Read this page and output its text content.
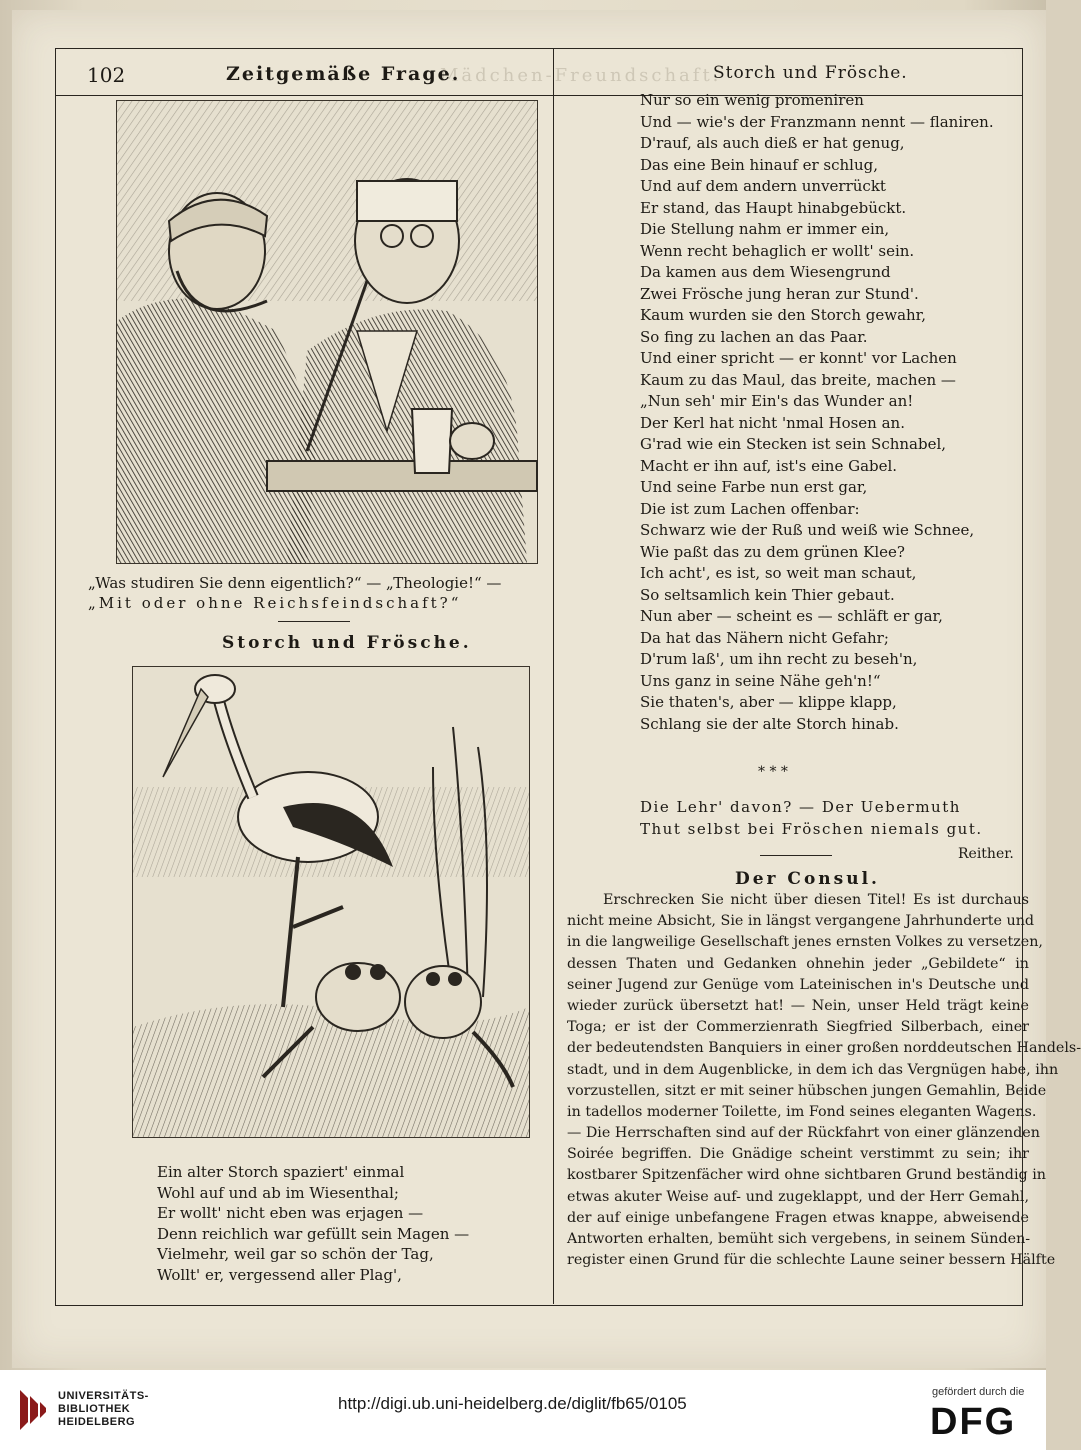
Mädchen-Freundschaft.
102	Zeitgemäße Frage.	Storch und Frösche.
„Was studiren Sie denn eigentlich?“ — „Theologie!“ —
„Mit oder ohne Reichsfeindschaft?“
Storch und Frösche.
Ein alter Storch spaziert' einmal
Wohl auf und ab im Wiesenthal;
Er wollt' nicht eben was erjagen —
Denn reichlich war gefüllt sein Magen —
Vielmehr, weil gar so schön der Tag,
Wollt' er, vergessend aller Plag',
Nur so ein wenig promeniren
Und — wie's der Franzmann nennt — flaniren.
D'rauf, als auch dieß er hat genug,
Das eine Bein hinauf er schlug,
Und auf dem andern unverrückt
Er stand, das Haupt hinabgebückt.
Die Stellung nahm er immer ein,
Wenn recht behaglich er wollt' sein.
Da kamen aus dem Wiesengrund
Zwei Frösche jung heran zur Stund'.
Kaum wurden sie den Storch gewahr,
So fing zu lachen an das Paar.
Und einer spricht — er konnt' vor Lachen
Kaum zu das Maul, das breite, machen —
„Nun seh' mir Ein's das Wunder an!
Der Kerl hat nicht 'nmal Hosen an.
G'rad wie ein Stecken ist sein Schnabel,
Macht er ihn auf, ist's eine Gabel.
Und seine Farbe nun erst gar,
Die ist zum Lachen offenbar:
Schwarz wie der Ruß und weiß wie Schnee,
Wie paßt das zu dem grünen Klee?
Ich acht', es ist, so weit man schaut,
So seltsamlich kein Thier gebaut.
Nun aber — scheint es — schläft er gar,
Da hat das Nähern nicht Gefahr;
D'rum laß', um ihn recht zu beseh'n,
Uns ganz in seine Nähe geh'n!“
Sie thaten's, aber — klippe klapp,
Schlang sie der alte Storch hinab.
* * *
Die Lehr' davon? — Der Uebermuth
Thut selbst bei Fröschen niemals gut.
Reither.
Der Consul.
Erschrecken Sie nicht über diesen Titel! Es ist durchaus
nicht meine Absicht, Sie in längst vergangene Jahrhunderte und
in die langweilige Gesellschaft jenes ernsten Volkes zu versetzen,
dessen Thaten und Gedanken ohnehin jeder „Gebildete“ in
seiner Jugend zur Genüge vom Lateinischen in's Deutsche und
wieder zurück übersetzt hat! — Nein, unser Held trägt keine
Toga; er ist der Commerzienrath Siegfried Silberbach, einer
der bedeutendsten Banquiers in einer großen norddeutschen Handels-
stadt, und in dem Augenblicke, in dem ich das Vergnügen habe, ihn
vorzustellen, sitzt er mit seiner hübschen jungen Gemahlin, Beide
in tadellos moderner Toilette, im Fond seines eleganten Wagens.
— Die Herrschaften sind auf der Rückfahrt von einer glänzenden
Soirée begriffen. Die Gnädige scheint verstimmt zu sein; ihr
kostbarer Spitzenfächer wird ohne sichtbaren Grund beständig in
etwas akuter Weise auf- und zugeklappt, und der Herr Gemahl,
der auf einige unbefangene Fragen etwas knappe, abweisende
Antworten erhalten, bemüht sich vergebens, in seinem Sünden-
register einen Grund für die schlechte Laune seiner bessern Hälfte
UNIVERSITÄTS-
BIBLIOTHEK
HEIDELBERG
http://digi.ub.uni-heidelberg.de/diglit/fb65/0105
gefördert durch die
DFG
